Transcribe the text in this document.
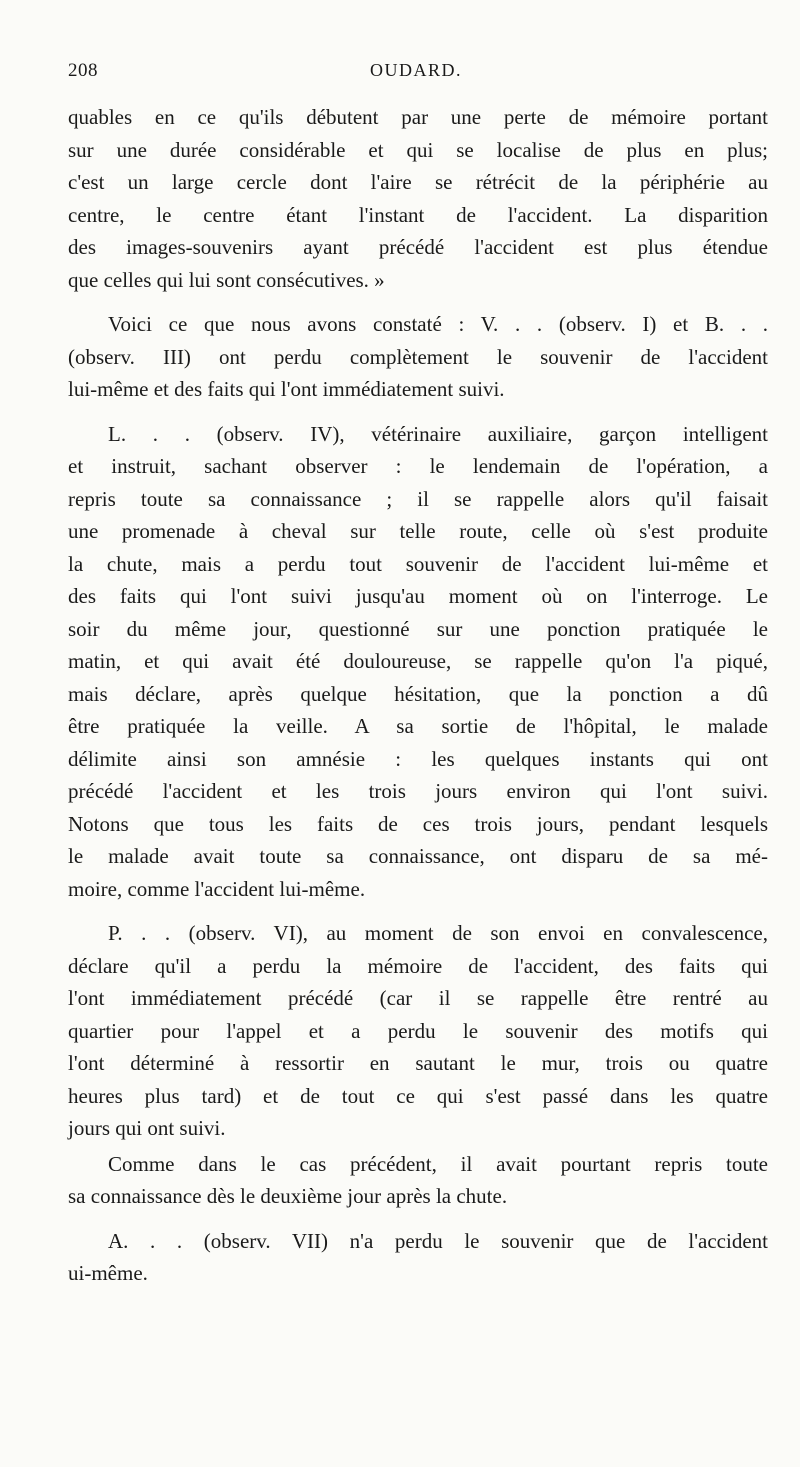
208	OUDARD.
quables en ce qu'ils débutent par une perte de mémoire portant
sur une durée considérable et qui se localise de plus en plus;
c'est un large cercle dont l'aire se rétrécit de la périphérie au
centre, le centre étant l'instant de l'accident. La disparition
des images-souvenirs ayant précédé l'accident est plus étendue
que celles qui lui sont consécutives. »
Voici ce que nous avons constaté : V. . . (observ. I) et B. . .
(observ. III) ont perdu complètement le souvenir de l'accident
lui-même et des faits qui l'ont immédiatement suivi.
L. . . (observ. IV), vétérinaire auxiliaire, garçon intelligent
et instruit, sachant observer : le lendemain de l'opération, a
repris toute sa connaissance ; il se rappelle alors qu'il faisait
une promenade à cheval sur telle route, celle où s'est produite
la chute, mais a perdu tout souvenir de l'accident lui-même et
des faits qui l'ont suivi jusqu'au moment où on l'interroge. Le
soir du même jour, questionné sur une ponction pratiquée le
matin, et qui avait été douloureuse, se rappelle qu'on l'a piqué,
mais déclare, après quelque hésitation, que la ponction a dû
être pratiquée la veille. A sa sortie de l'hôpital, le malade
délimite ainsi son amnésie : les quelques instants qui ont
précédé l'accident et les trois jours environ qui l'ont suivi.
Notons que tous les faits de ces trois jours, pendant lesquels
le malade avait toute sa connaissance, ont disparu de sa mé-
moire, comme l'accident lui-même.
P. . . (observ. VI), au moment de son envoi en convalescence,
déclare qu'il a perdu la mémoire de l'accident, des faits qui
l'ont immédiatement précédé (car il se rappelle être rentré au
quartier pour l'appel et a perdu le souvenir des motifs qui
l'ont déterminé à ressortir en sautant le mur, trois ou quatre
heures plus tard) et de tout ce qui s'est passé dans les quatre
jours qui ont suivi.
Comme dans le cas précédent, il avait pourtant repris toute
sa connaissance dès le deuxième jour après la chute.
A. . . (observ. VII) n'a perdu le souvenir que de l'accident
ui-même.
